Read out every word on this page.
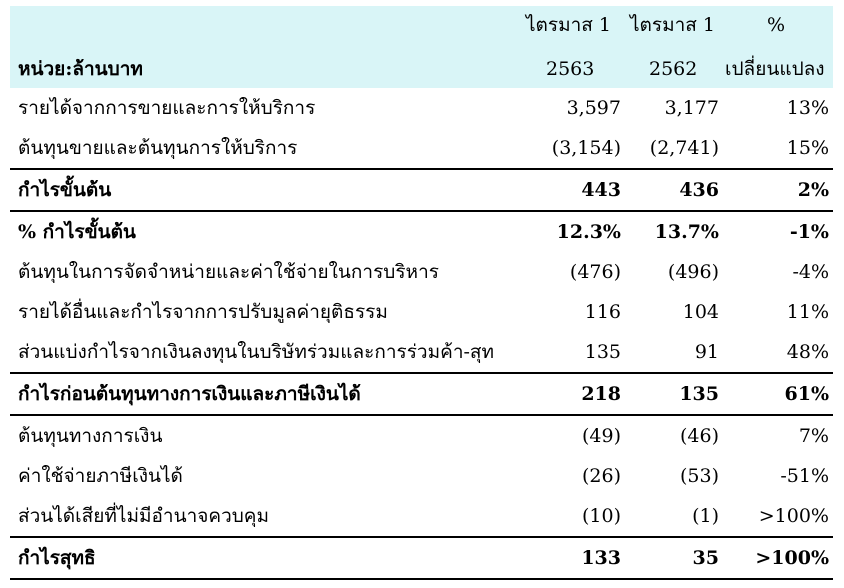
ไตรมาส 1 ไตรมาส 1	%
หน่วย:ล้านบาท	2563	2562 เปลี่ยนแปลง
รายได้จากการขายและการให้บริการ	3,597 3,177	13%
ต้นทุนขายและต้นทุนการให้บริการ	(3,154) (2,741)	15%
กำไรขั้นต้น	443	436	2%
% กำไรขั้นต้น	12.3% 13.7%	-1%
ต้นทุนในการจัดจำหน่ายและค่าใช้จ่ายในการบริหาร	(476) (496)	-4%
รายได้อื่นและกำไรจากการปรับมูลค่ายุติธรรม	116	104	11%
ส่วนแบ่งกำไรจากเงินลงทุนในบริษัทร่วมและการร่วมค้า-สุท	135	91	48%
กำไรก่อนต้นทุนทางการเงินและภาษีเงินได้	218	135	61%
ต้นทุนทางการเงิน	(49)	(46)	7%
ค่าใช้จ่ายภาษีเงินได้	(26)	(53)	-51%
ส่วนได้เสียที่ไม่มีอำนาจควบคุม	(10)	(1) >100%
กำไรสุทธิ	133	35 >100%
